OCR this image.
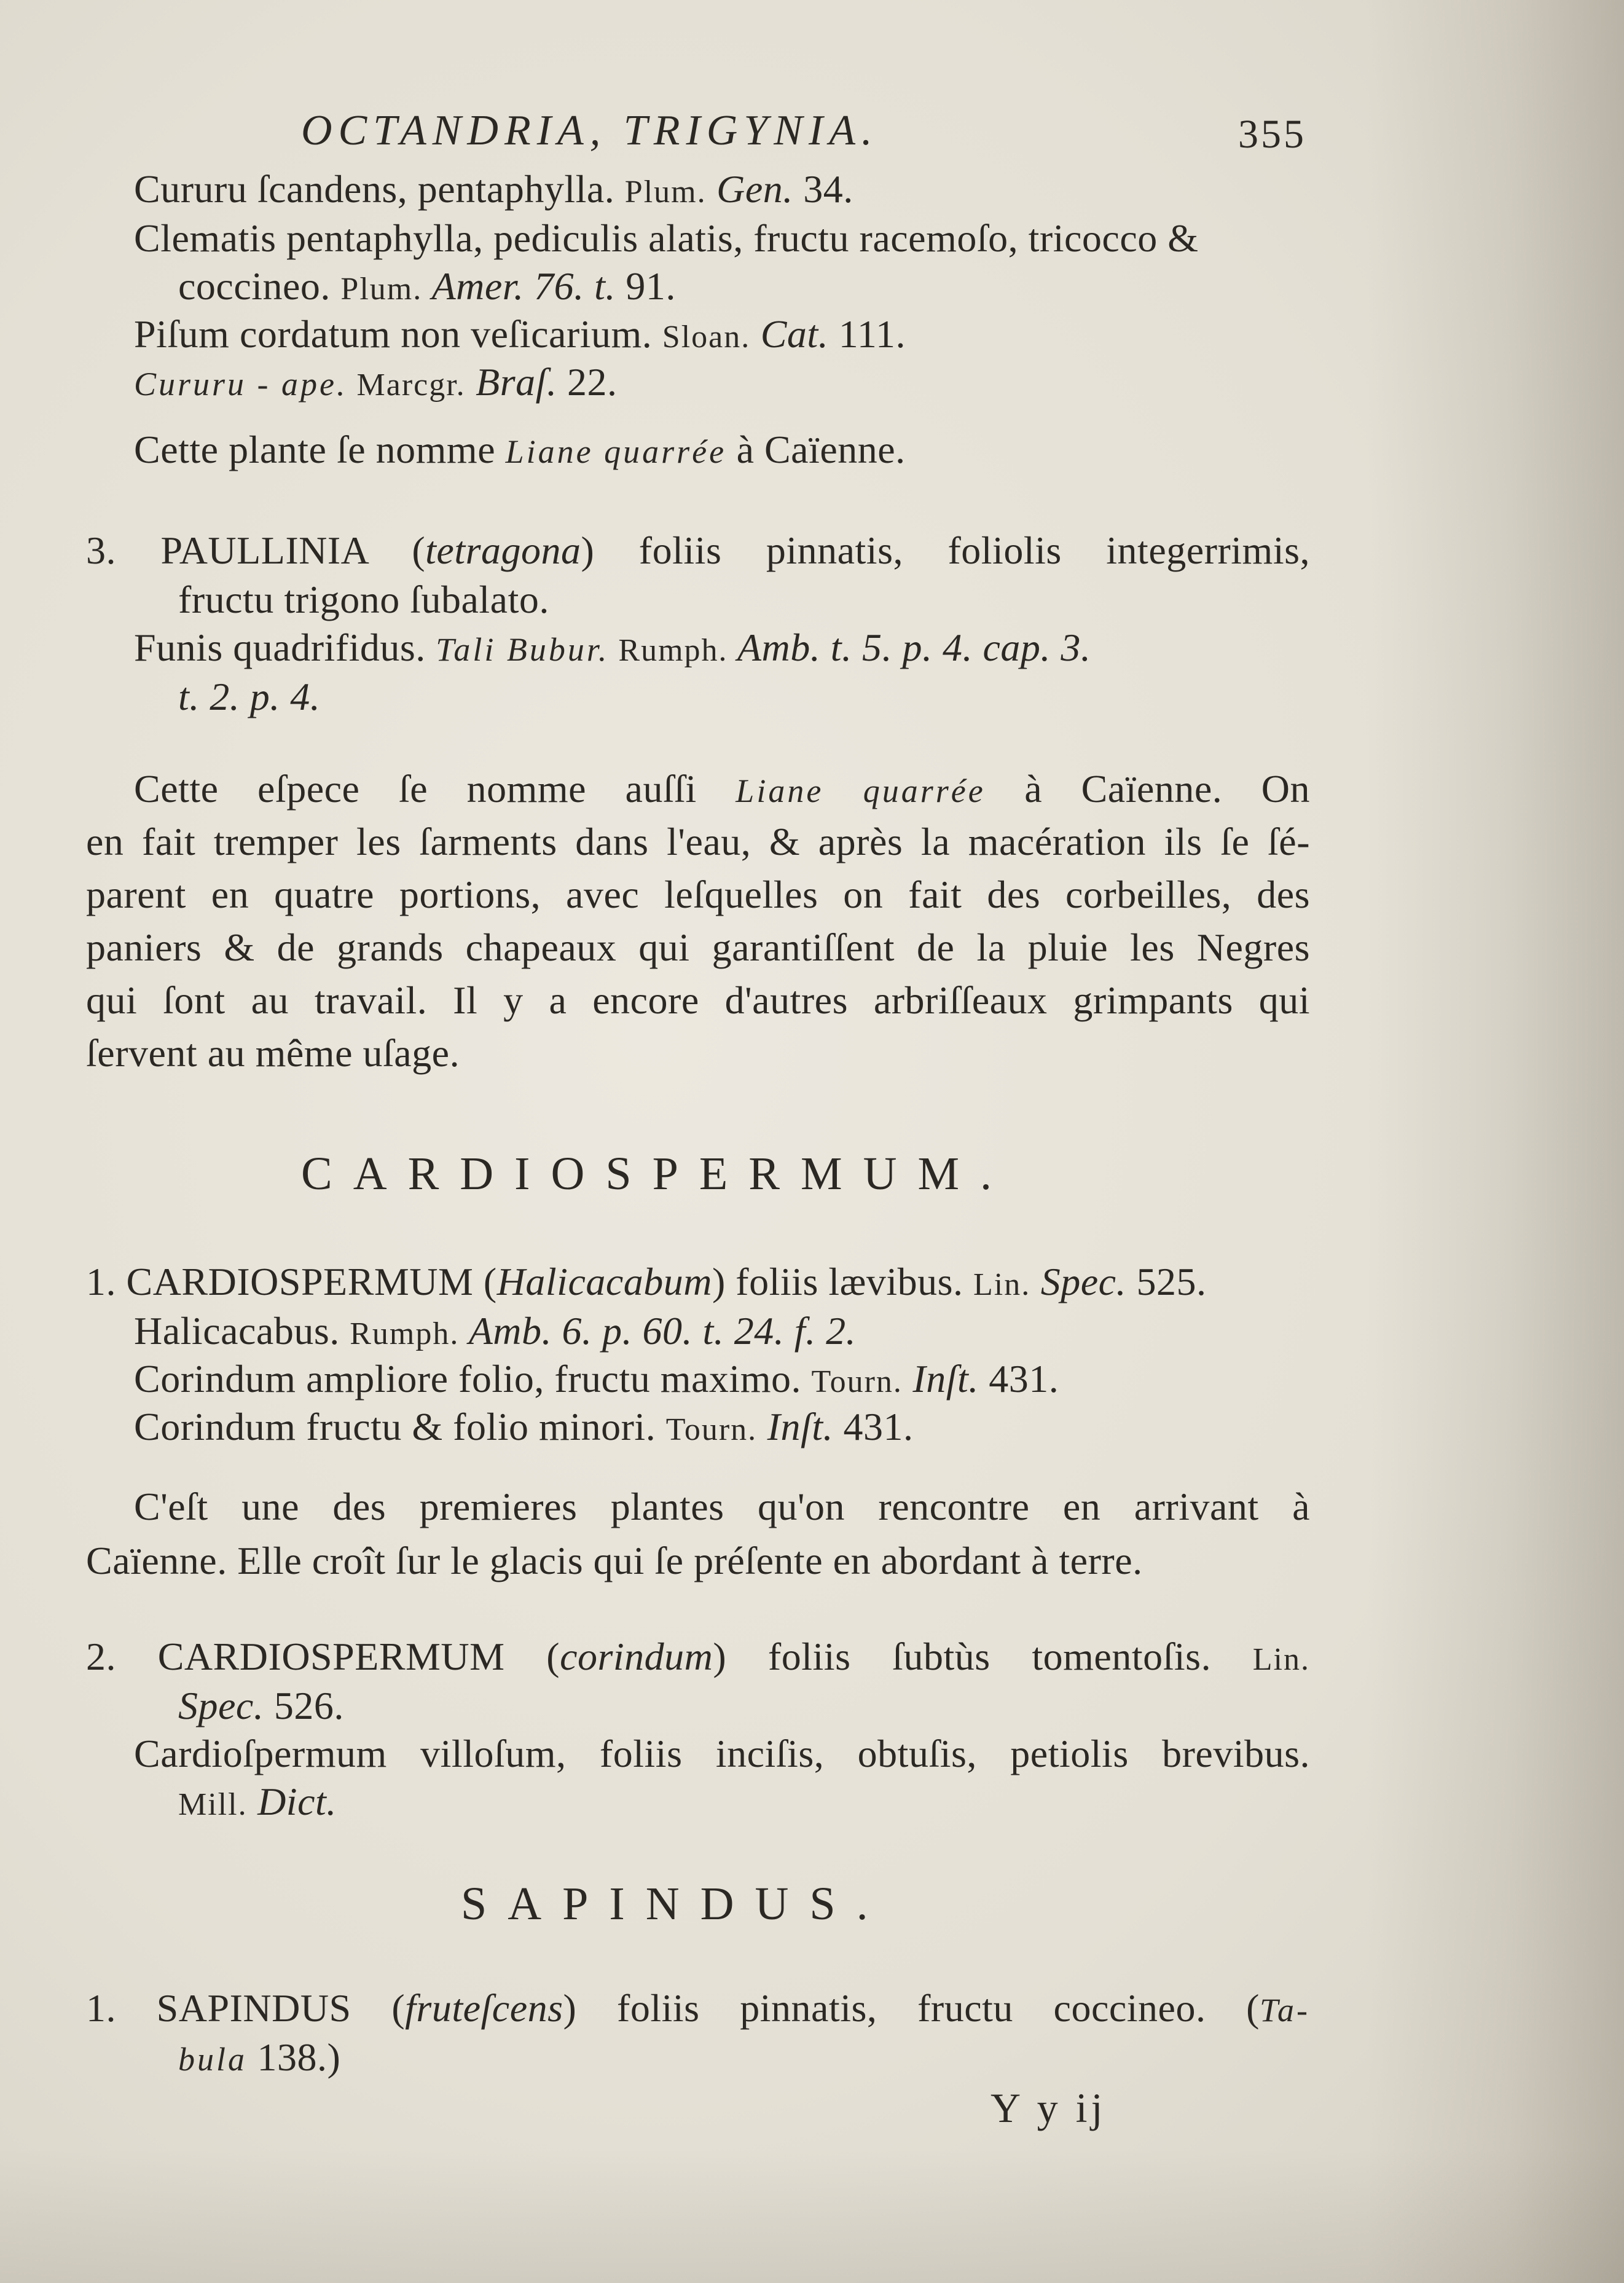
OCTANDRIA, TRIGYNIA.	355
Cururu ſcandens, pentaphylla. Plum. Gen. 34.
Clematis pentaphylla, pediculis alatis, fructu racemoſo, tricocco &
coccineo. Plum. Amer. 76. t. 91.
Piſum cordatum non veſicarium. Sloan. Cat. 111.
Cururu - ape. Marcgr. Braſ. 22.
Cette plante ſe nomme Liane quarrée à Caïenne.
3. PAULLINIA (tetragona) foliis pinnatis, foliolis integerrimis,
fructu trigono ſubalato.
Funis quadrifidus. Tali Bubur. Rumph. Amb. t. 5. p. 4. cap. 3.
t. 2. p. 4.
Cette eſpece ſe nomme auſſi Liane quarrée à Caïenne. On
en fait tremper les ſarments dans l'eau, & après la macération ils ſe ſé-
parent en quatre portions, avec leſquelles on fait des corbeilles, des
paniers & de grands chapeaux qui garantiſſent de la pluie les Negres
qui ſont au travail. Il y a encore d'autres arbriſſeaux grimpants qui
ſervent au même uſage.
CARDIOSPERMUM.
1. CARDIOSPERMUM (Halicacabum) foliis lævibus. Lin. Spec. 525.
Halicacabus. Rumph. Amb. 6. p. 60. t. 24. f. 2.
Corindum ampliore folio, fructu maximo. Tourn. Inſt. 431.
Corindum fructu & folio minori. Tourn. Inſt. 431.
C'eſt une des premieres plantes qu'on rencontre en arrivant à
Caïenne. Elle croît ſur le glacis qui ſe préſente en abordant à terre.
2. CARDIOSPERMUM (corindum) foliis ſubtùs tomentoſis. Lin.
Spec. 526.
Cardioſpermum villoſum, foliis inciſis, obtuſis, petiolis brevibus.
Mill. Dict.
SAPINDUS.
1. SAPINDUS (fruteſcens) foliis pinnatis, fructu coccineo. (Ta-
bula 138.)
Y y ij
